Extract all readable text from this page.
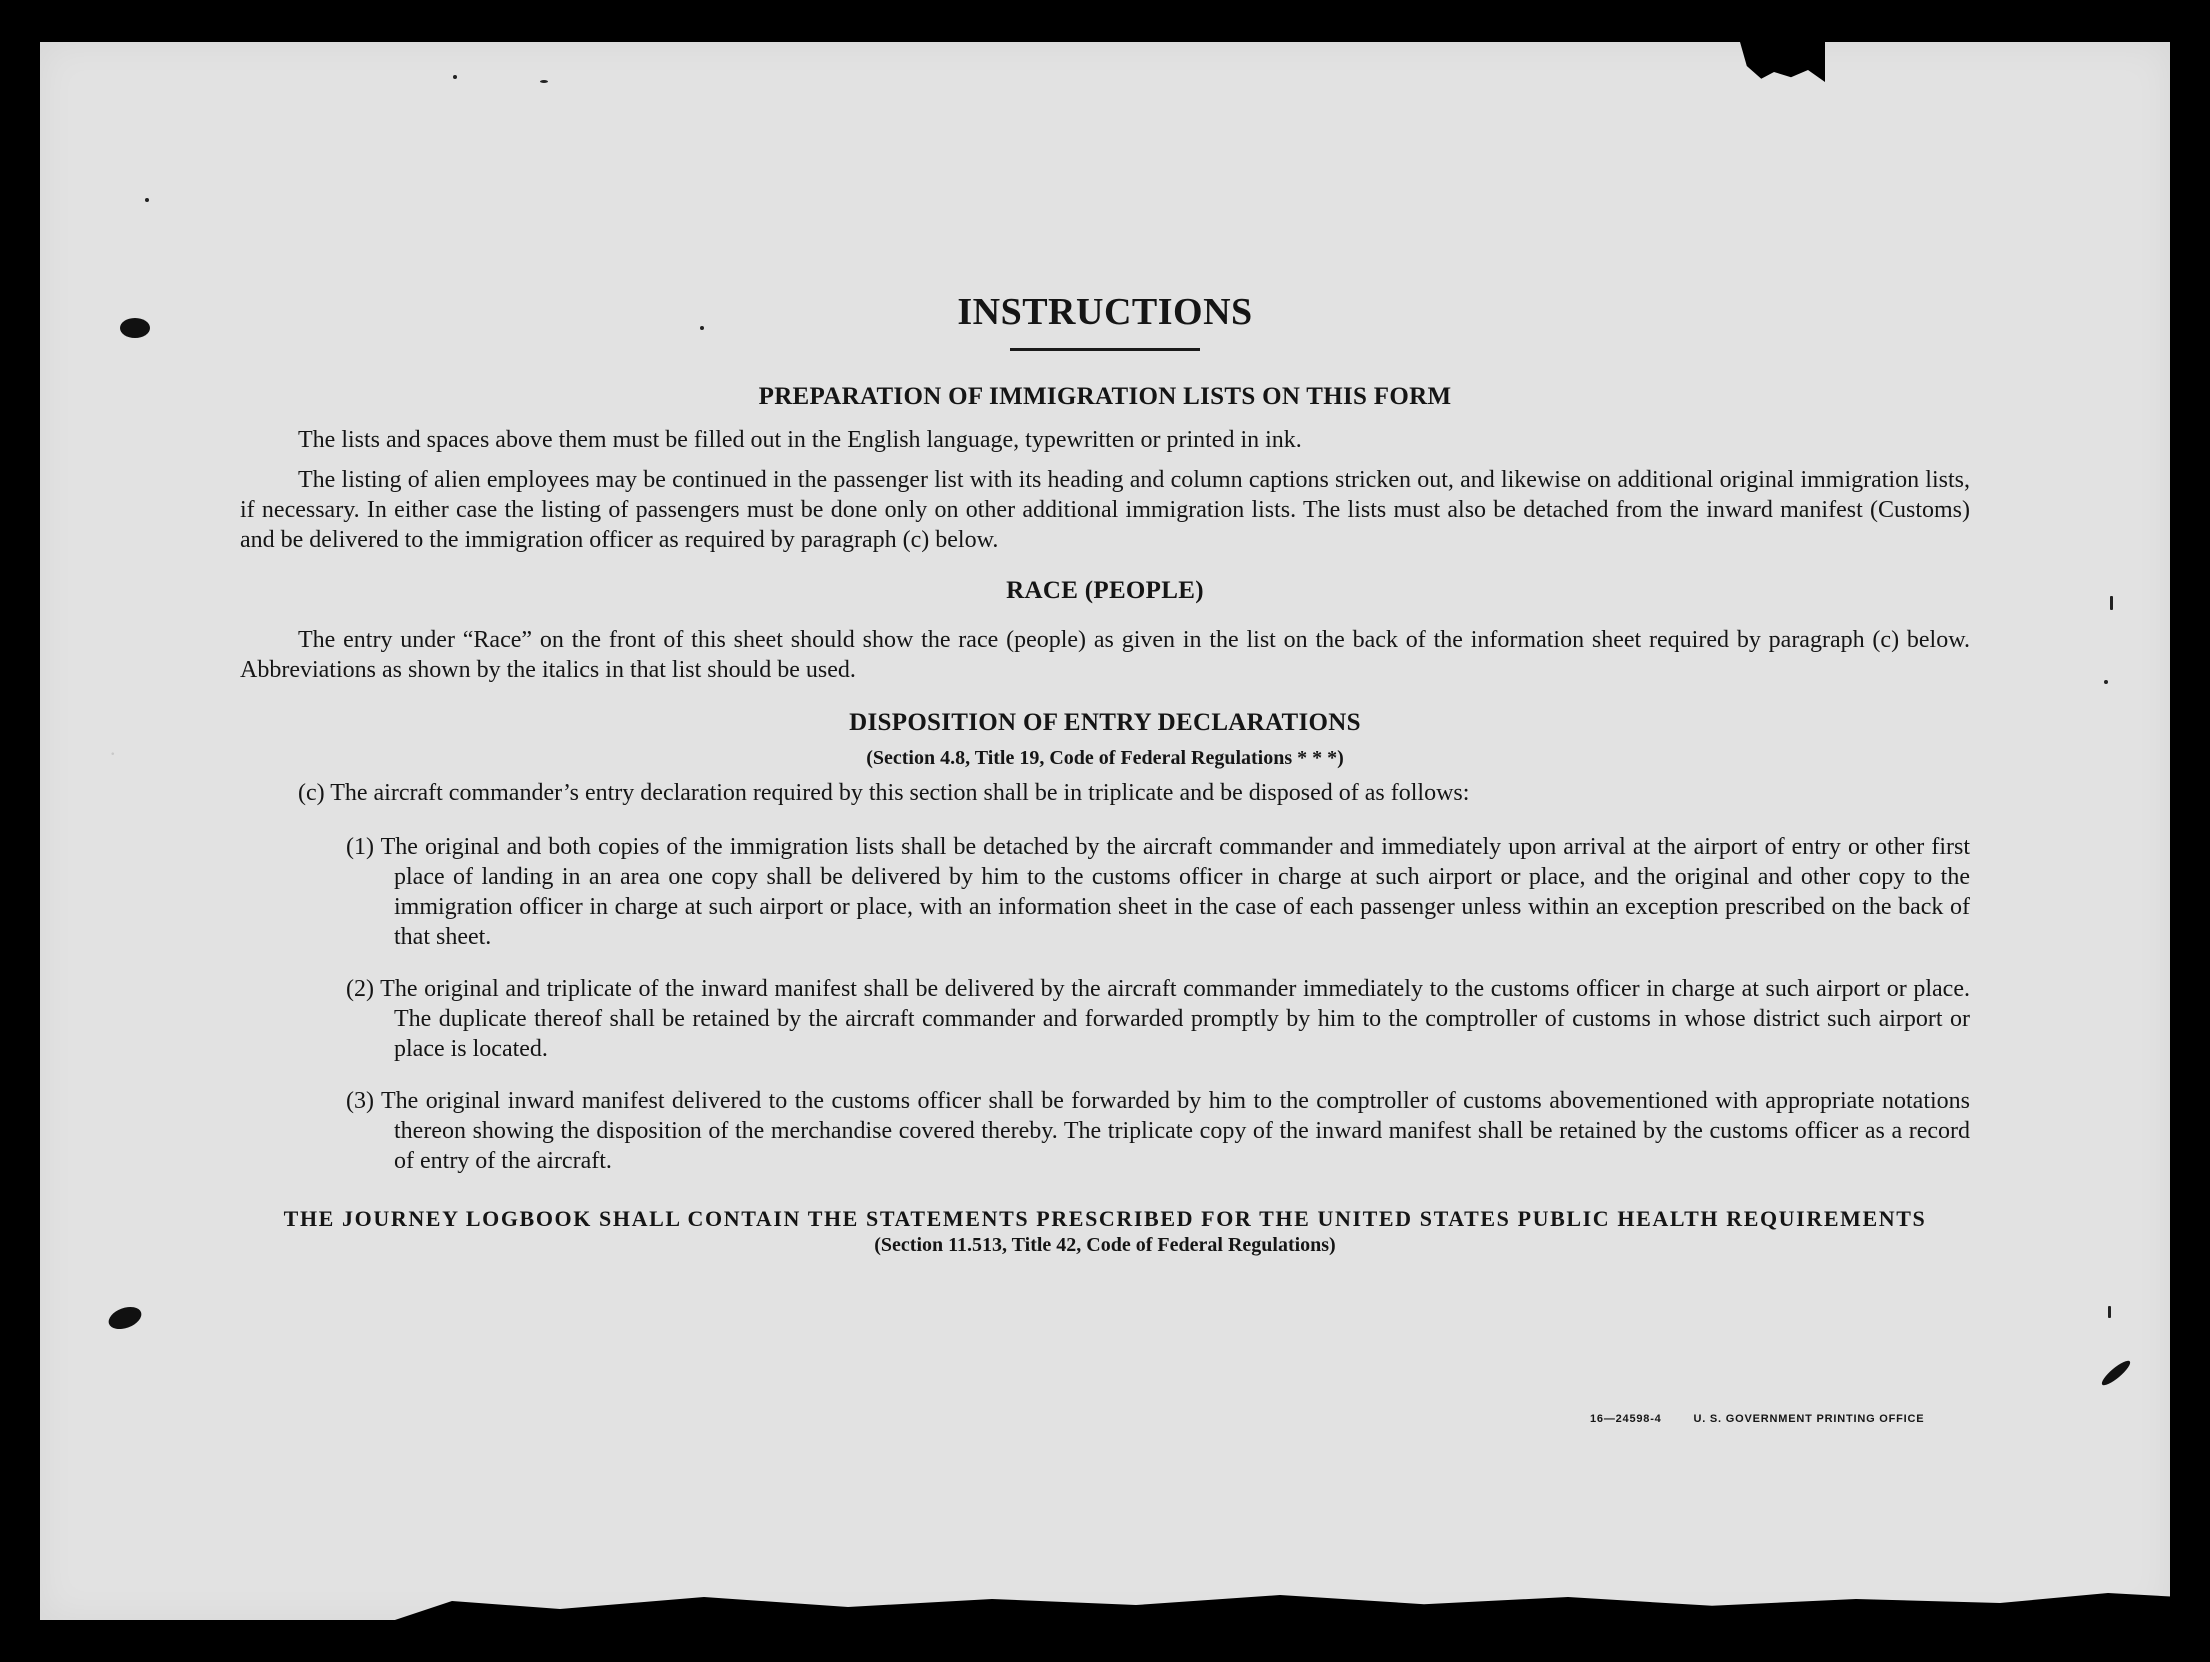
.
INSTRUCTIONS
PREPARATION OF IMMIGRATION LISTS ON THIS FORM

The lists and spaces above them must be filled out in the English language, typewritten or printed in ink.

The listing of alien employees may be continued in the passenger list with its heading and column captions stricken out, and likewise on additional original immigration lists, if necessary. In either case the listing of passengers must be done only on other additional immigration lists. The lists must also be detached from the inward manifest (Customs) and be delivered to the immigration officer as required by paragraph (c) below.

RACE (PEOPLE)

The entry under “Race” on the front of this sheet should show the race (people) as given in the list on the back of the information sheet required by paragraph (c) below. Abbreviations as shown by the italics in that list should be used.

DISPOSITION OF ENTRY DECLARATIONS
(Section 4.8, Title 19, Code of Federal Regulations * * *)

(c) The aircraft commander’s entry declaration required by this section shall be in triplicate and be disposed of as follows:

(1) The original and both copies of the immigration lists shall be detached by the aircraft commander and immediately upon arrival at the airport of entry or other first place of landing in an area one copy shall be delivered by him to the customs officer in charge at such airport or place, and the original and other copy to the immigration officer in charge at such airport or place, with an information sheet in the case of each passenger unless within an exception prescribed on the back of that sheet.

(2) The original and triplicate of the inward manifest shall be delivered by the aircraft commander immediately to the customs officer in charge at such airport or place. The duplicate thereof shall be retained by the aircraft commander and forwarded promptly by him to the comptroller of customs in whose district such airport or place is located.

(3) The original inward manifest delivered to the customs officer shall be forwarded by him to the comptroller of customs abovementioned with appropriate notations thereon showing the disposition of the merchandise covered thereby. The triplicate copy of the inward manifest shall be retained by the customs officer as a record of entry of the aircraft.

THE JOURNEY LOGBOOK SHALL CONTAIN THE STATEMENTS PRESCRIBED FOR THE UNITED STATES PUBLIC HEALTH REQUIREMENTS
(Section 11.513, Title 42, Code of Federal Regulations)
16—24598-4	U. S. GOVERNMENT PRINTING OFFICE
